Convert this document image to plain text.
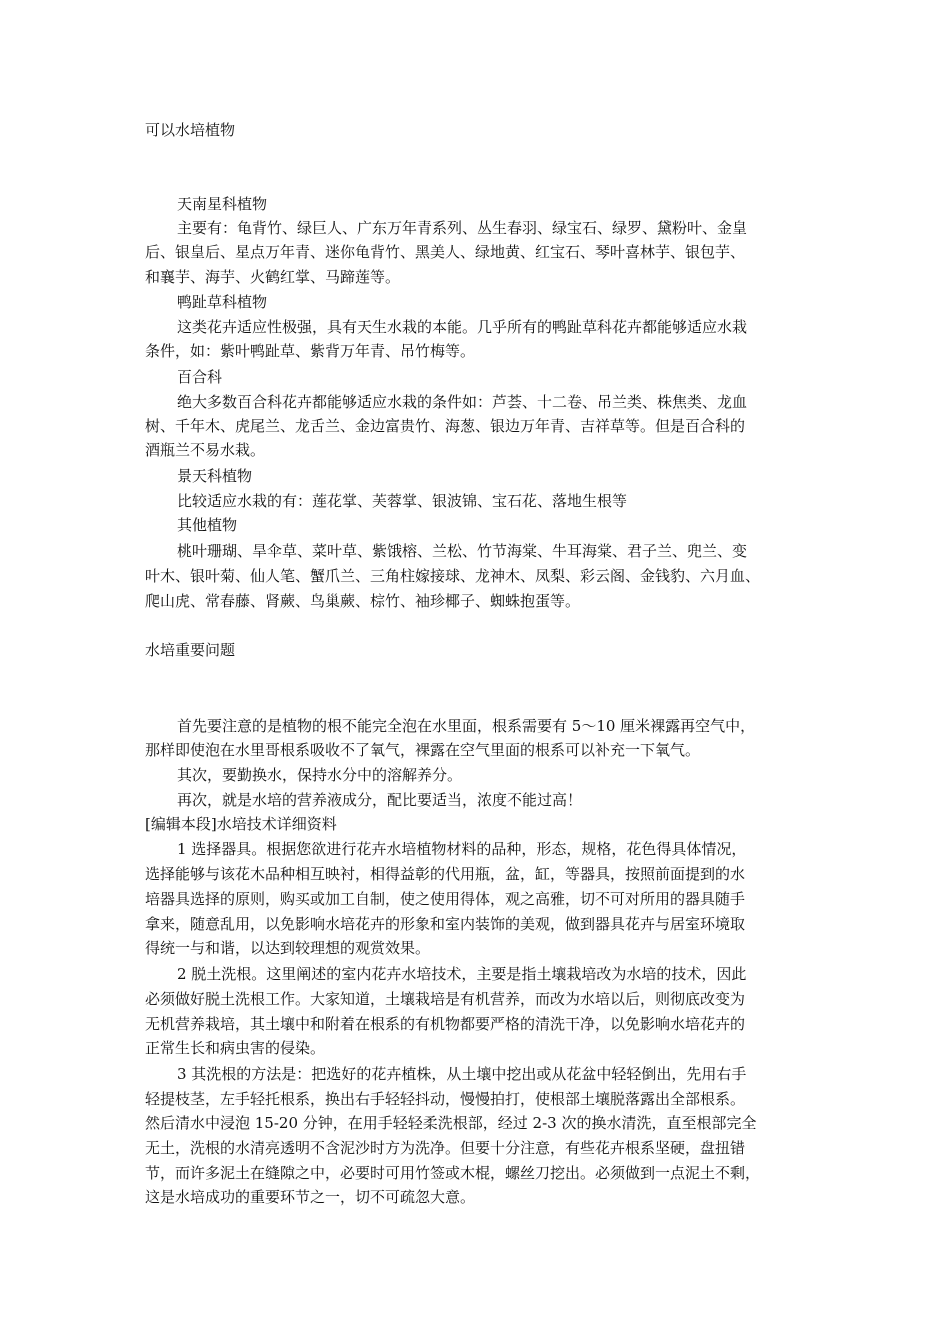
可以水培植物
天南星科植物
主要有：龟背竹、绿巨人、广东万年青系列、丛生春羽、绿宝石、绿罗、黛粉叶、金皇
后、银皇后、星点万年青、迷你龟背竹、黑美人、绿地黄、红宝石、琴叶喜林芋、银包芋、
和襄芋、海芋、火鹤红掌、马蹄莲等。
鸭趾草科植物
这类花卉适应性极强，具有天生水栽的本能。几乎所有的鸭趾草科花卉都能够适应水栽
条件，如：紫叶鸭趾草、紫背万年青、吊竹梅等。
百合科
绝大多数百合科花卉都能够适应水栽的条件如：芦荟、十二卷、吊兰类、株焦类、龙血
树、千年木、虎尾兰、龙舌兰、金边富贵竹、海葱、银边万年青、吉祥草等。但是百合科的
酒瓶兰不易水栽。
景天科植物
比较适应水栽的有：莲花掌、芙蓉掌、银波锦、宝石花、落地生根等
其他植物
桃叶珊瑚、旱伞草、菜叶草、紫饿榕、兰松、竹节海棠、牛耳海棠、君子兰、兜兰、变
叶木、银叶菊、仙人笔、蟹爪兰、三角柱嫁接球、龙神木、凤梨、彩云阁、金钱豹、六月血、
爬山虎、常春藤、肾蕨、鸟巢蕨、棕竹、袖珍椰子、蜘蛛抱蛋等。
水培重要问题
首先要注意的是植物的根不能完全泡在水里面，根系需要有 5～10 厘米裸露再空气中，
那样即使泡在水里哥根系吸收不了氧气，裸露在空气里面的根系可以补充一下氧气。
其次，要勤换水，保持水分中的溶解养分。
再次，就是水培的营养液成分，配比要适当，浓度不能过高！
[编辑本段]水培技术详细资料
1 选择器具。根据您欲进行花卉水培植物材料的品种，形态，规格，花色得具体情况，
选择能够与该花木品种相互映衬，相得益彰的代用瓶，盆，缸，等器具，按照前面提到的水
培器具选择的原则，购买或加工自制，使之使用得体，观之高雅，切不可对所用的器具随手
拿来，随意乱用，以免影响水培花卉的形象和室内装饰的美观，做到器具花卉与居室环境取
得统一与和谐，以达到较理想的观赏效果。
2 脱土洗根。这里阐述的室内花卉水培技术，主要是指土壤栽培改为水培的技术，因此
必须做好脱土洗根工作。大家知道，土壤栽培是有机营养，而改为水培以后，则彻底改变为
无机营养栽培，其土壤中和附着在根系的有机物都要严格的清洗干净，以免影响水培花卉的
正常生长和病虫害的侵染。
3 其洗根的方法是：把选好的花卉植株，从土壤中挖出或从花盆中轻轻倒出，先用右手
轻提枝茎，左手轻托根系，换出右手轻轻抖动，慢慢拍打，使根部土壤脱落露出全部根系。
然后清水中浸泡 15-20 分钟，在用手轻轻柔洗根部，经过 2-3 次的换水清洗，直至根部完全
无土，洗根的水清亮透明不含泥沙时方为洗净。但要十分注意，有些花卉根系坚硬，盘扭错
节，而许多泥土在缝隙之中，必要时可用竹签或木棍，螺丝刀挖出。必须做到一点泥土不剩，
这是水培成功的重要环节之一，切不可疏忽大意。
